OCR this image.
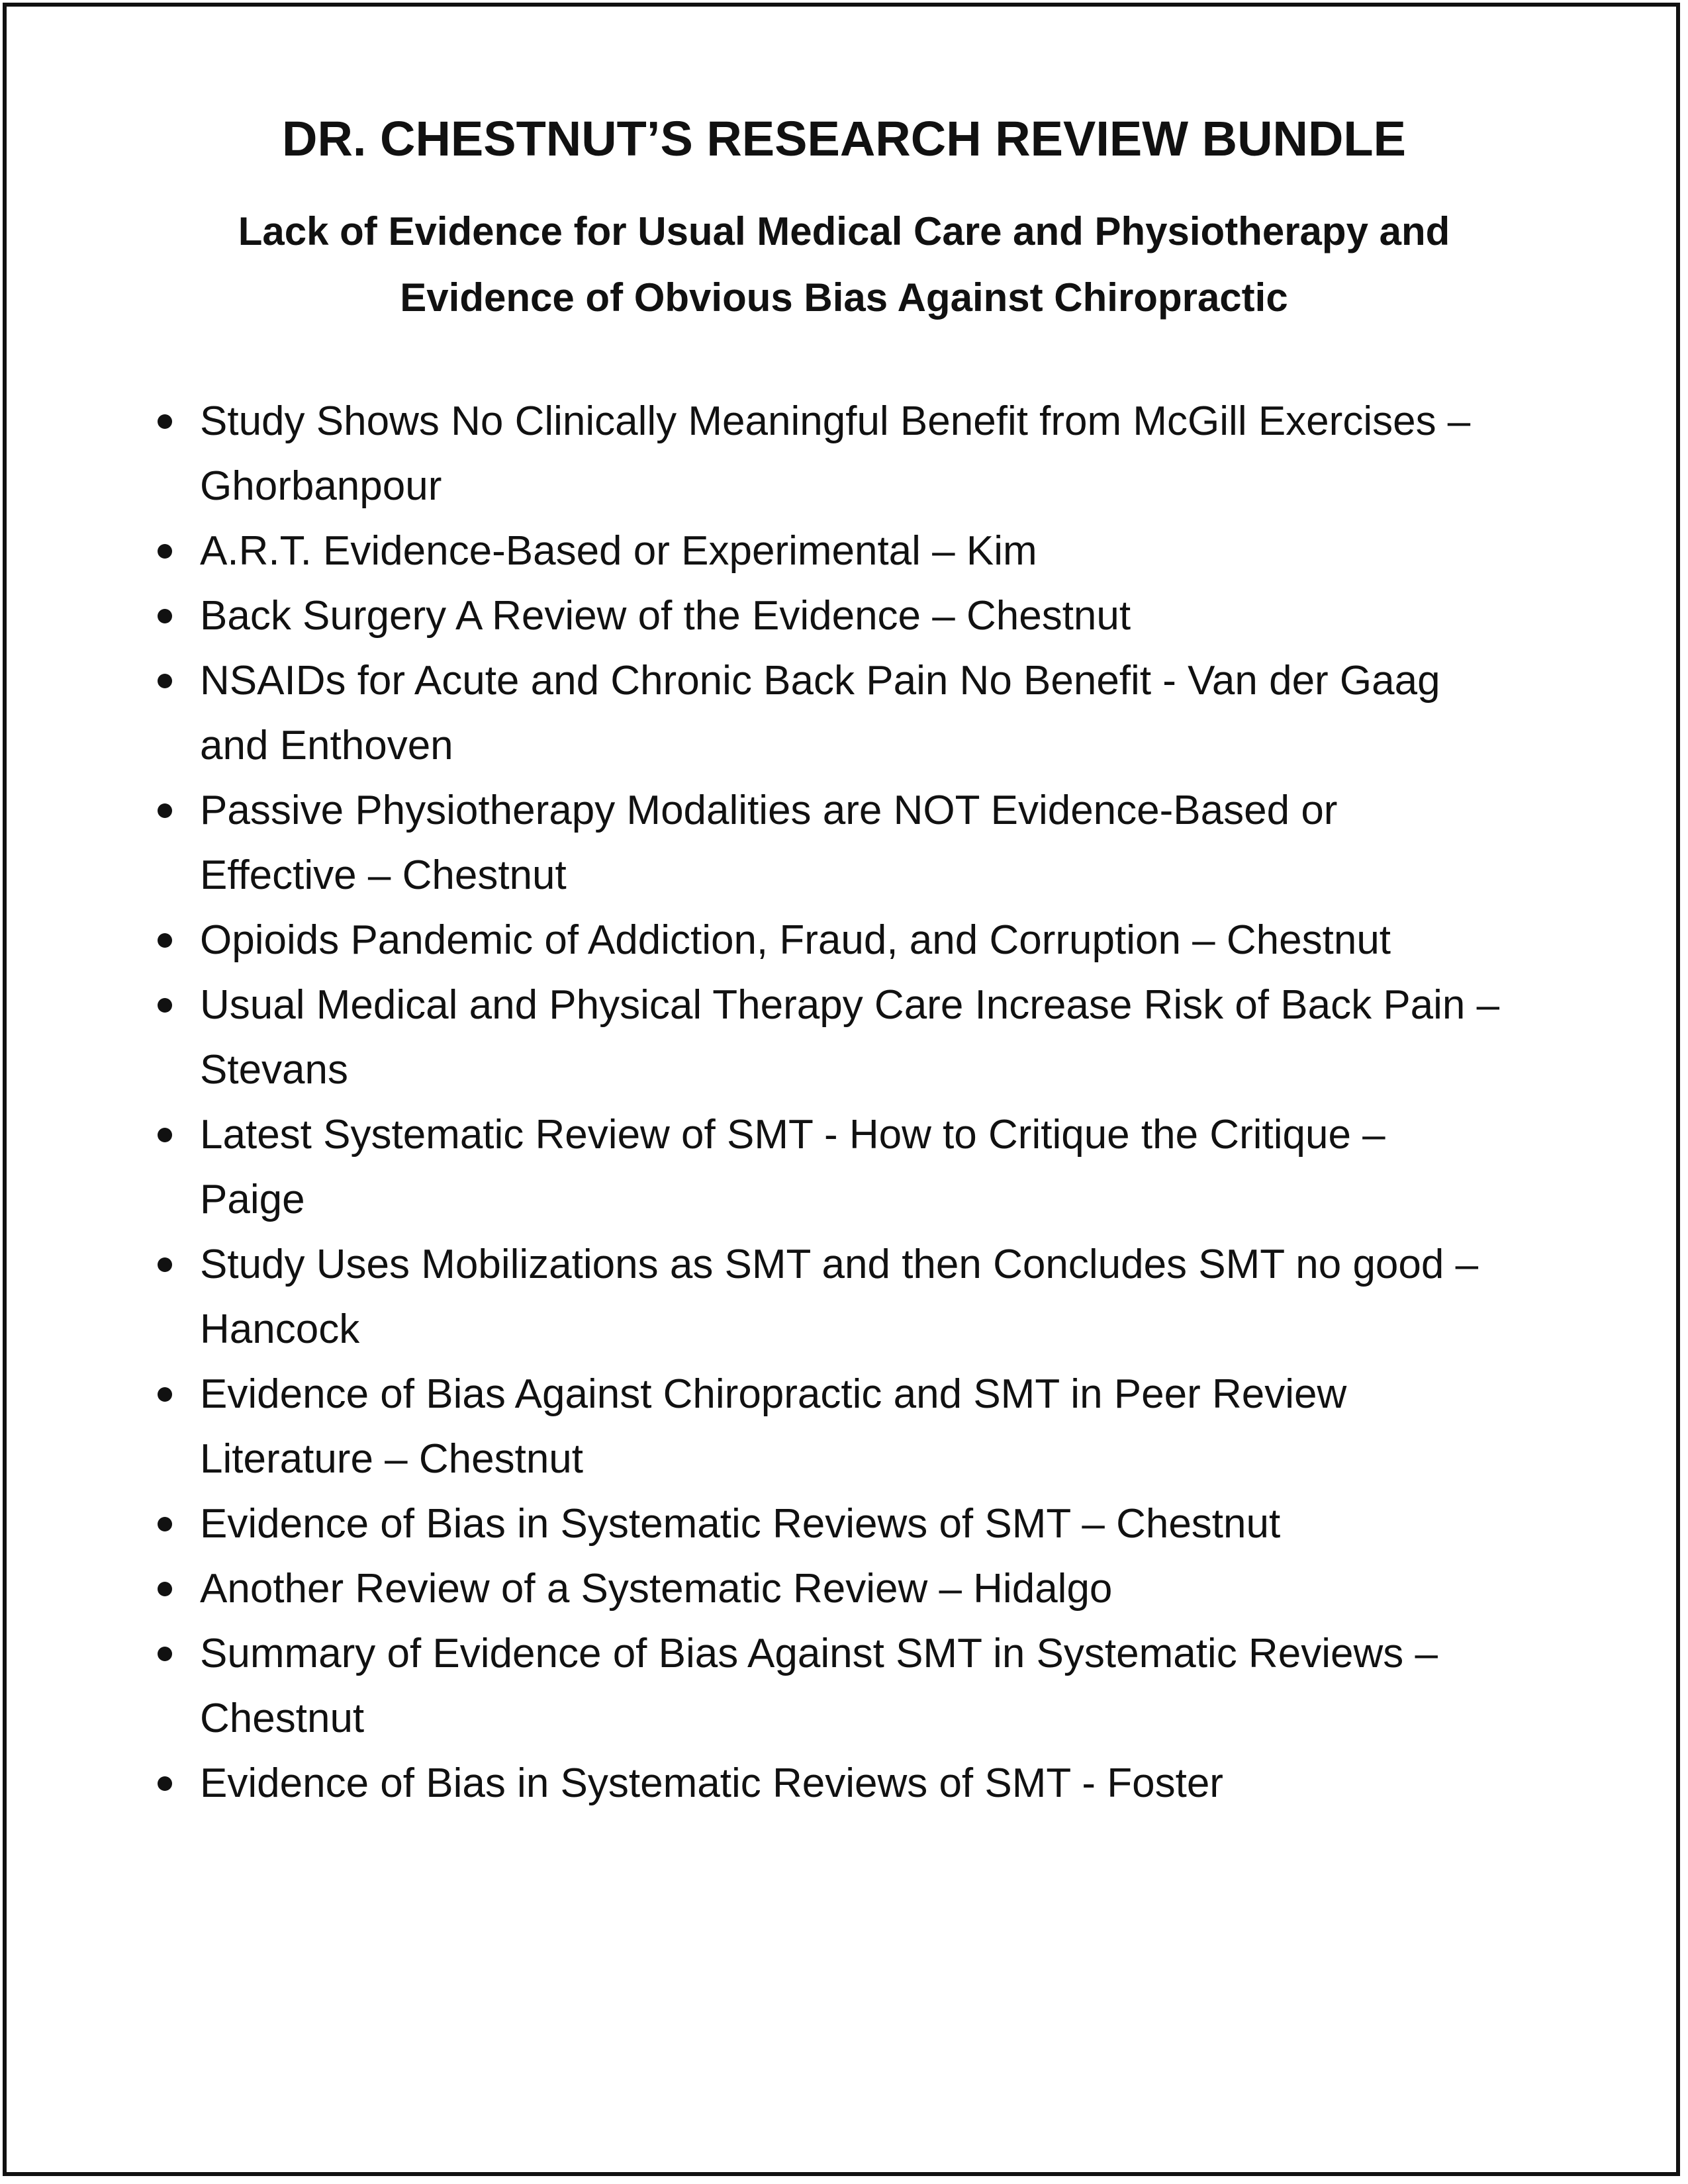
DR. CHESTNUT’S RESEARCH REVIEW BUNDLE
Lack of Evidence for Usual Medical Care and Physiotherapy and
Evidence of Obvious Bias Against Chiropractic
Study Shows No Clinically Meaningful Benefit from McGill Exercises –
Ghorbanpour
A.R.T. Evidence-Based or Experimental – Kim
Back Surgery A Review of the Evidence – Chestnut
NSAIDs for Acute and Chronic Back Pain No Benefit - Van der Gaag
and Enthoven
Passive Physiotherapy Modalities are NOT Evidence-Based or
Effective – Chestnut
Opioids Pandemic of Addiction, Fraud, and Corruption – Chestnut
Usual Medical and Physical Therapy Care Increase Risk of Back Pain –
Stevans
Latest Systematic Review of SMT - How to Critique the Critique –
Paige
Study Uses Mobilizations as SMT and then Concludes SMT no good –
Hancock
Evidence of Bias Against Chiropractic and SMT in Peer Review
Literature – Chestnut
Evidence of Bias in Systematic Reviews of SMT – Chestnut
Another Review of a Systematic Review – Hidalgo
Summary of Evidence of Bias Against SMT in Systematic Reviews –
Chestnut
Evidence of Bias in Systematic Reviews of SMT - Foster
